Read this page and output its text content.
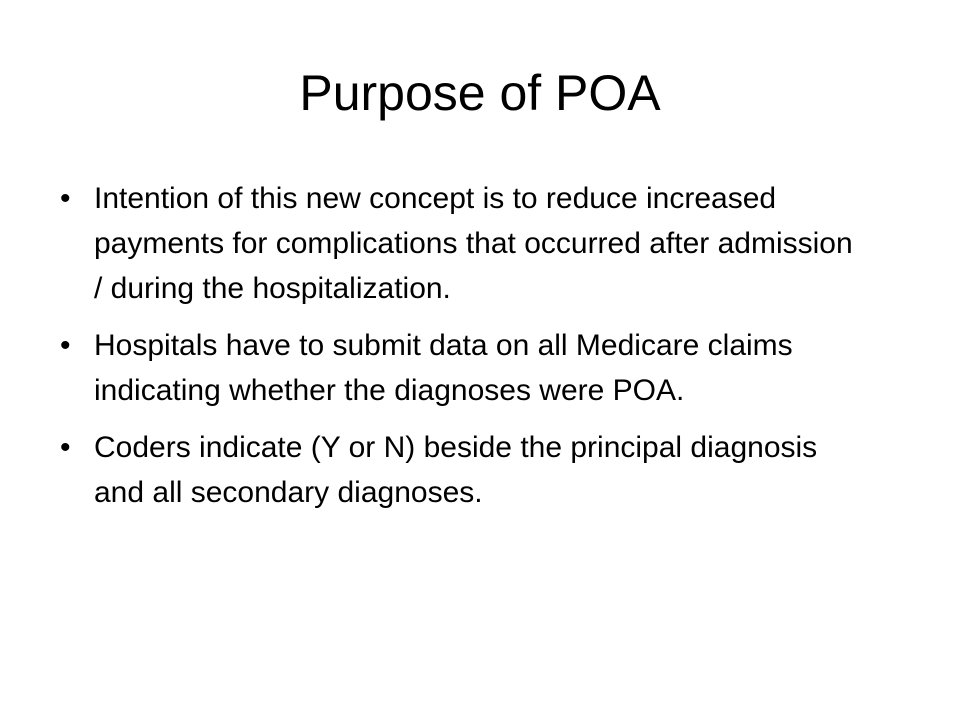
Purpose of POA
• Intention of this new concept is to reduce increased payments for complications that occurred after admission / during the hospitalization.
• Hospitals have to submit data on all Medicare claims indicating whether the diagnoses were POA.
• Coders indicate (Y or N) beside the principal diagnosis and all secondary diagnoses.
